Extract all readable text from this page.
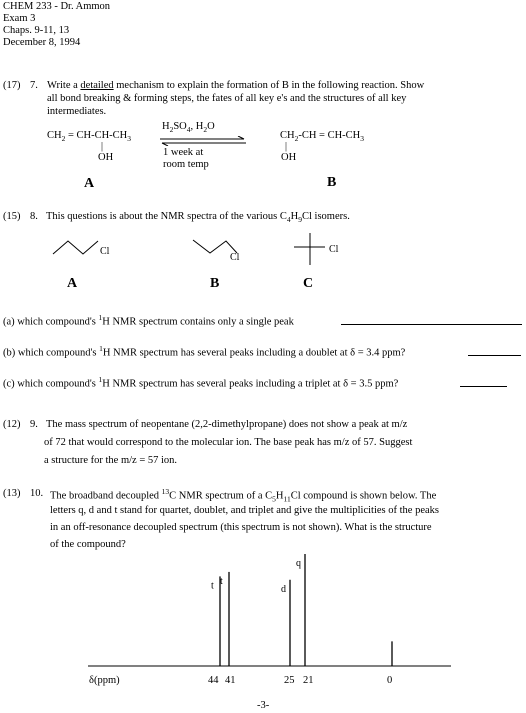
CHEM 233 - Dr. Ammon
Exam 3
Chaps. 9-11, 13
December 8, 1994
(17) 7. Write a detailed mechanism to explain the formation of B in the following reaction. Show
all bond breaking & forming steps, the fates of all key e's and the structures of all key
intermediates.
$CH_2 = CH-CH-CH_3$
|
OH
$H_2SO_4$, $H_2O$
1 week at
room temp
$CH_2-CH = CH-CH_3$
|
OH
A	B
(15) 8. This questions is about the NMR spectra of the various $C_4H_9Cl$ isomers.
Cl
Cl
Cl
A	B	C
(a) which compound's $^1$H NMR spectrum contains only a single peak
(b) which compound's $^1$H NMR spectrum has several peaks including a doublet at δ = 3.4 ppm?
(c) which compound's $^1$H NMR spectrum has several peaks including a triplet at δ = 3.5 ppm?
(12) 9. The mass spectrum of neopentane (2,2-dimethylpropane) does not show a peak at m/z
of 72 that would correspond to the molecular ion. The base peak has m/z of 57. Suggest
a structure for the m/z = 57 ion.
(13) 10. The broadband decoupled $^{13}$C NMR spectrum of a $C_5H_{11}Cl$ compound is shown below. The
letters q, d and t stand for quartet, doublet, and triplet and give the multiplicities of the peaks
in an off-resonance decoupled spectrum (this spectrum is not shown). What is the structure
of the compound?
δ(ppm)
t t
d
q
44 41	25 21	0
-3-
